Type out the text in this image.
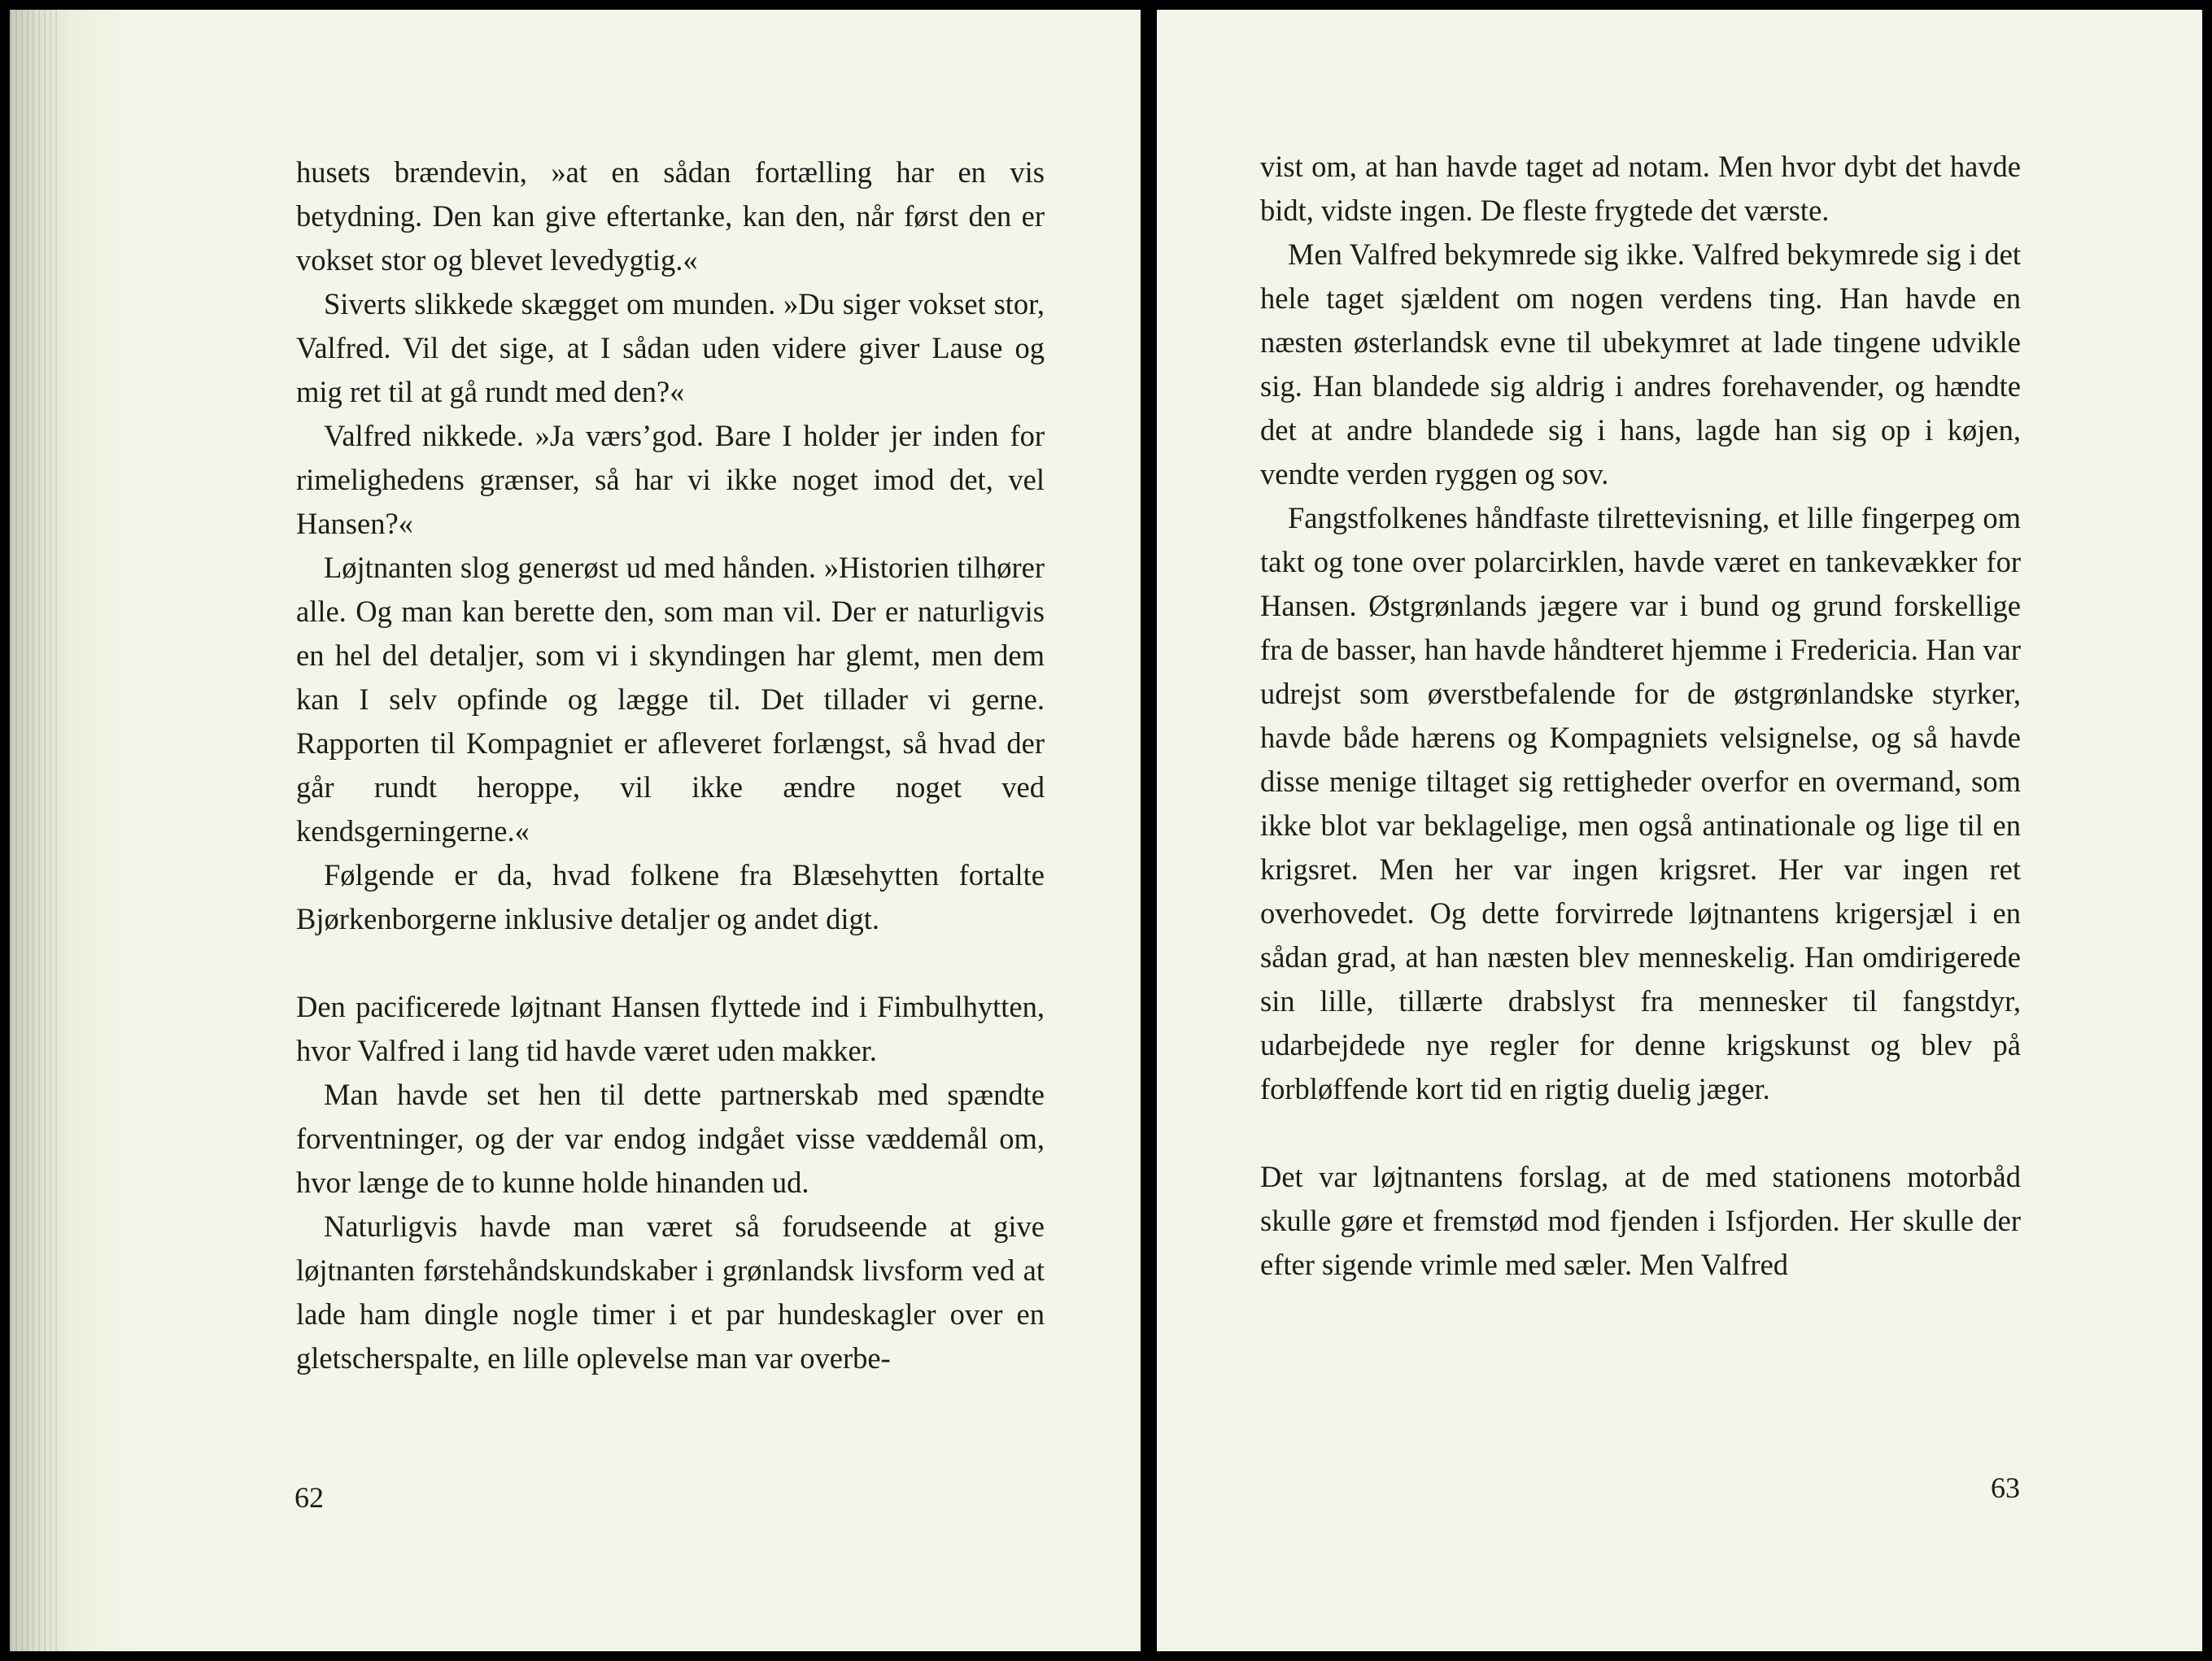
husets brændevin, »at en sådan fortælling har en vis betydning. Den kan give eftertanke, kan den, når først den er vokset stor og blevet levedygtig.«

Siverts slikkede skægget om munden. »Du siger vokset stor, Valfred. Vil det sige, at I sådan uden videre giver Lause og mig ret til at gå rundt med den?«

Valfred nikkede. »Ja værs’god. Bare I holder jer inden for rimelighedens grænser, så har vi ikke noget imod det, vel Hansen?«

Løjtnanten slog generøst ud med hånden. »Historien tilhører alle. Og man kan berette den, som man vil. Der er naturligvis en hel del detaljer, som vi i skyndingen har glemt, men dem kan I selv opfinde og lægge til. Det tillader vi gerne. Rapporten til Kompagniet er afleveret forlængst, så hvad der går rundt heroppe, vil ikke ændre noget ved kendsgerningerne.«

Følgende er da, hvad folkene fra Blæsehytten fortalte Bjørkenborgerne inklusive detaljer og andet digt.

Den pacificerede løjtnant Hansen flyttede ind i Fimbulhytten, hvor Valfred i lang tid havde været uden makker.

Man havde set hen til dette partnerskab med spændte forventninger, og der var endog indgået visse væddemål om, hvor længe de to kunne holde hinanden ud.

Naturligvis havde man været så forudseende at give løjtnanten førstehåndskundskaber i grønlandsk livsform ved at lade ham dingle nogle timer i et par hundeskagler over en gletscherspalte, en lille oplevelse man var overbe-

62

vist om, at han havde taget ad notam. Men hvor dybt det havde bidt, vidste ingen. De fleste frygtede det værste.

Men Valfred bekymrede sig ikke. Valfred bekymrede sig i det hele taget sjældent om nogen verdens ting. Han havde en næsten østerlandsk evne til ubekymret at lade tingene udvikle sig. Han blandede sig aldrig i andres forehavender, og hændte det at andre blandede sig i hans, lagde han sig op i køjen, vendte verden ryggen og sov.

Fangstfolkenes håndfaste tilrettevisning, et lille fingerpeg om takt og tone over polarcirklen, havde været en tankevækker for Hansen. Østgrønlands jægere var i bund og grund forskellige fra de basser, han havde håndteret hjemme i Fredericia. Han var udrejst som øverstbefalende for de østgrønlandske styrker, havde både hærens og Kompagniets velsignelse, og så havde disse menige tiltaget sig rettigheder overfor en overmand, som ikke blot var beklagelige, men også antinationale og lige til en krigsret. Men her var ingen krigsret. Her var ingen ret overhovedet. Og dette forvirrede løjtnantens krigersjæl i en sådan grad, at han næsten blev menneskelig. Han omdirigerede sin lille, tillærte drabslyst fra mennesker til fangstdyr, udarbejdede nye regler for denne krigskunst og blev på forbløffende kort tid en rigtig duelig jæger.

Det var løjtnantens forslag, at de med stationens motorbåd skulle gøre et fremstød mod fjenden i Isfjorden. Her skulle der efter sigende vrimle med sæler. Men Valfred

63
